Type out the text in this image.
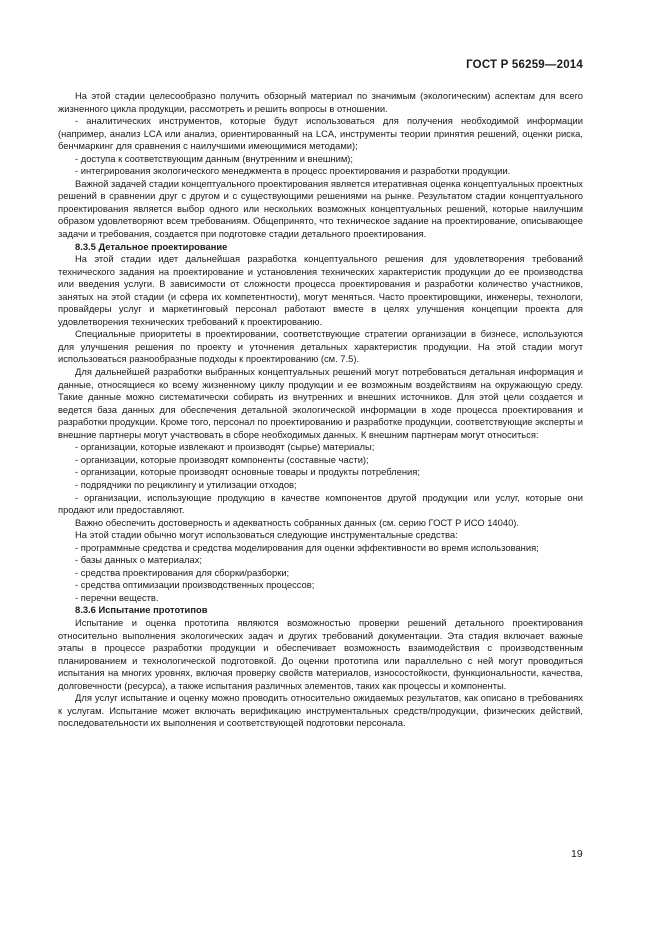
ГОСТ Р 56259—2014

На этой стадии целесообразно получить обзорный материал по значимым (экологическим) аспектам для всего жизненного цикла продукции, рассмотреть и решить вопросы в отношении.

- аналитических инструментов, которые будут использоваться для получения необходимой информации (например, анализ LCA или анализ, ориентированный на LCA, инструменты теории принятия решений, оценки риска, бенчмаркинг для сравнения с наилучшими имеющимися методами);

- доступа к соответствующим данным (внутренним и внешним);

- интегрирования экологического менеджмента в процесс проектирования и разработки продукции.

Важной задачей стадии концептуального проектирования является итеративная оценка концептуальных проектных решений в сравнении друг с другом и с существующими решениями на рынке. Результатом стадии концептуального проектирования является выбор одного или нескольких возможных концептуальных решений, которые наилучшим образом удовлетворяют всем требованиям. Общепринято, что техническое задание на проектирование, описывающее задачи и требования, создается при подготовке стадии детального проектирования.

8.3.5 Детальное проектирование

На этой стадии идет дальнейшая разработка концептуального решения для удовлетворения требований технического задания на проектирование и установления технических характеристик продукции до ее производства или введения услуги. В зависимости от сложности процесса проектирования и разработки количество участников, занятых на этой стадии (и сфера их компетентности), могут меняться. Часто проектировщики, инженеры, технологи, провайдеры услуг и маркетинговый персонал работают вместе в целях улучшения концепции проекта для удовлетворения технических требований к проектированию.

Специальные приоритеты в проектировании, соответствующие стратегии организации в бизнесе, используются для улучшения решения по проекту и уточнения детальных характеристик продукции. На этой стадии могут использоваться разнообразные подходы к проектированию (см. 7.5).

Для дальнейшей разработки выбранных концептуальных решений могут потребоваться детальная информация и данные, относящиеся ко всему жизненному циклу продукции и ее возможным воздействиям на окружающую среду. Такие данные можно систематически собирать из внутренних и внешних источников. Для этой цели создается и ведется база данных для обеспечения детальной экологической информации в ходе процесса проектирования и разработки продукции. Кроме того, персонал по проектированию и разработке продукции, соответствующие эксперты и внешние партнеры могут участвовать в сборе необходимых данных. К внешним партнерам могут относиться:

- организации, которые извлекают и производят (сырье) материалы;

- организации, которые производят компоненты (составные части);

- организации, которые производят основные товары и продукты потребления;

- подрядчики по рециклингу и утилизации отходов;

- организации, использующие продукцию в качестве компонентов другой продукции или услуг, которые они продают или предоставляют.

Важно обеспечить достоверность и адекватность собранных данных (см. серию ГОСТ Р ИСО 14040).

На этой стадии обычно могут использоваться следующие инструментальные средства:

- программные средства и средства моделирования для оценки эффективности во время использования;

- базы данных о материалах;

- средства проектирования для сборки/разборки;

- средства оптимизации производственных процессов;

- перечни веществ.

8.3.6 Испытание прототипов

Испытание и оценка прототипа являются возможностью проверки решений детального проектирования относительно выполнения экологических задач и других требований документации. Эта стадия включает важные этапы в процессе разработки продукции и обеспечивает возможность взаимодействия с производственным планированием и технологической подготовкой. До оценки прототипа или параллельно с ней могут проводиться испытания на многих уровнях, включая проверку свойств материалов, износостойкости, функциональности, качества, долговечности (ресурса), а также испытания различных элементов, таких как процессы и компоненты.

Для услуг испытание и оценку можно проводить относительно ожидаемых результатов, как описано в требованиях к услугам. Испытание может включать верификацию инструментальных средств/продукции, физических действий, последовательности их выполнения и соответствующей подготовки персонала.

19
